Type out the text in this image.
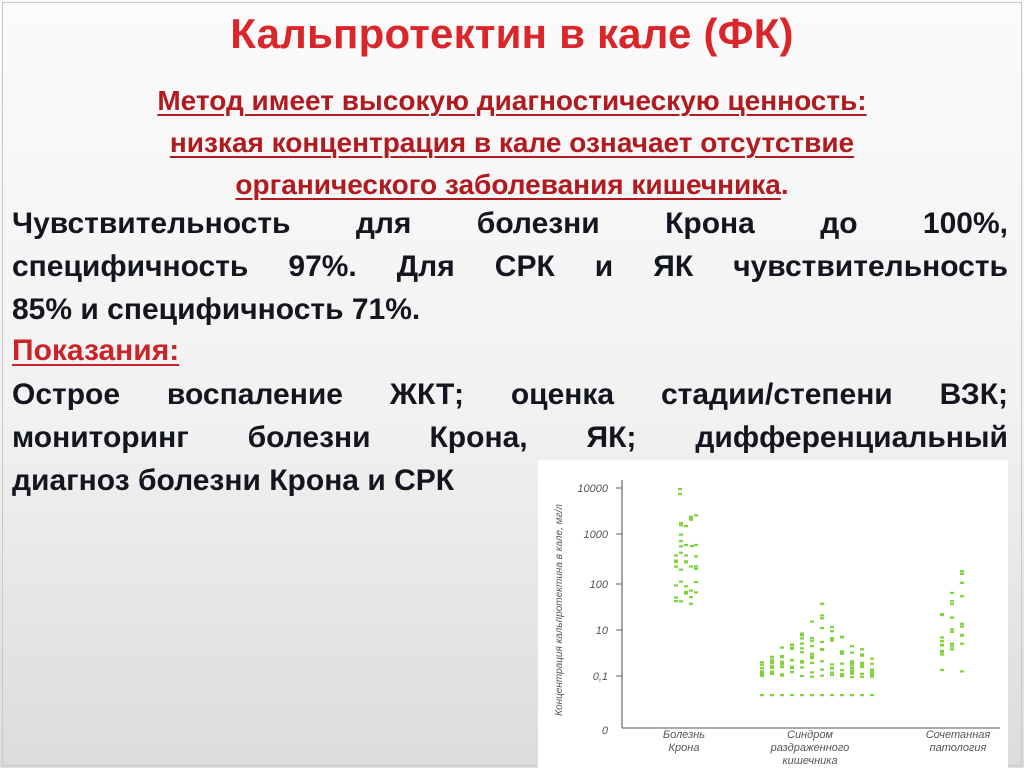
Кальпротектин в кале (ФК)
Метод имеет высокую диагностическую ценность:
низкая концентрация в кале означает отсутствие
органического заболевания кишечника.
Чувствительность для болезни Крона до 100%,
специфичность 97%. Для СРК и ЯК чувствительность
85% и специфичность 71%.
Показания:
Острое воспаление ЖКТ; оценка стадии/степени ВЗК;
мониторинг болезни Крона, ЯК; дифференциальный
диагноз болезни Крона и СРК	10000
1000
100
10
0,1
0
Концентрация кальпротектина в кале, мг/л
Болезнь
Крона
Синдром
раздраженного
кишечника
Сочетанная
патология
